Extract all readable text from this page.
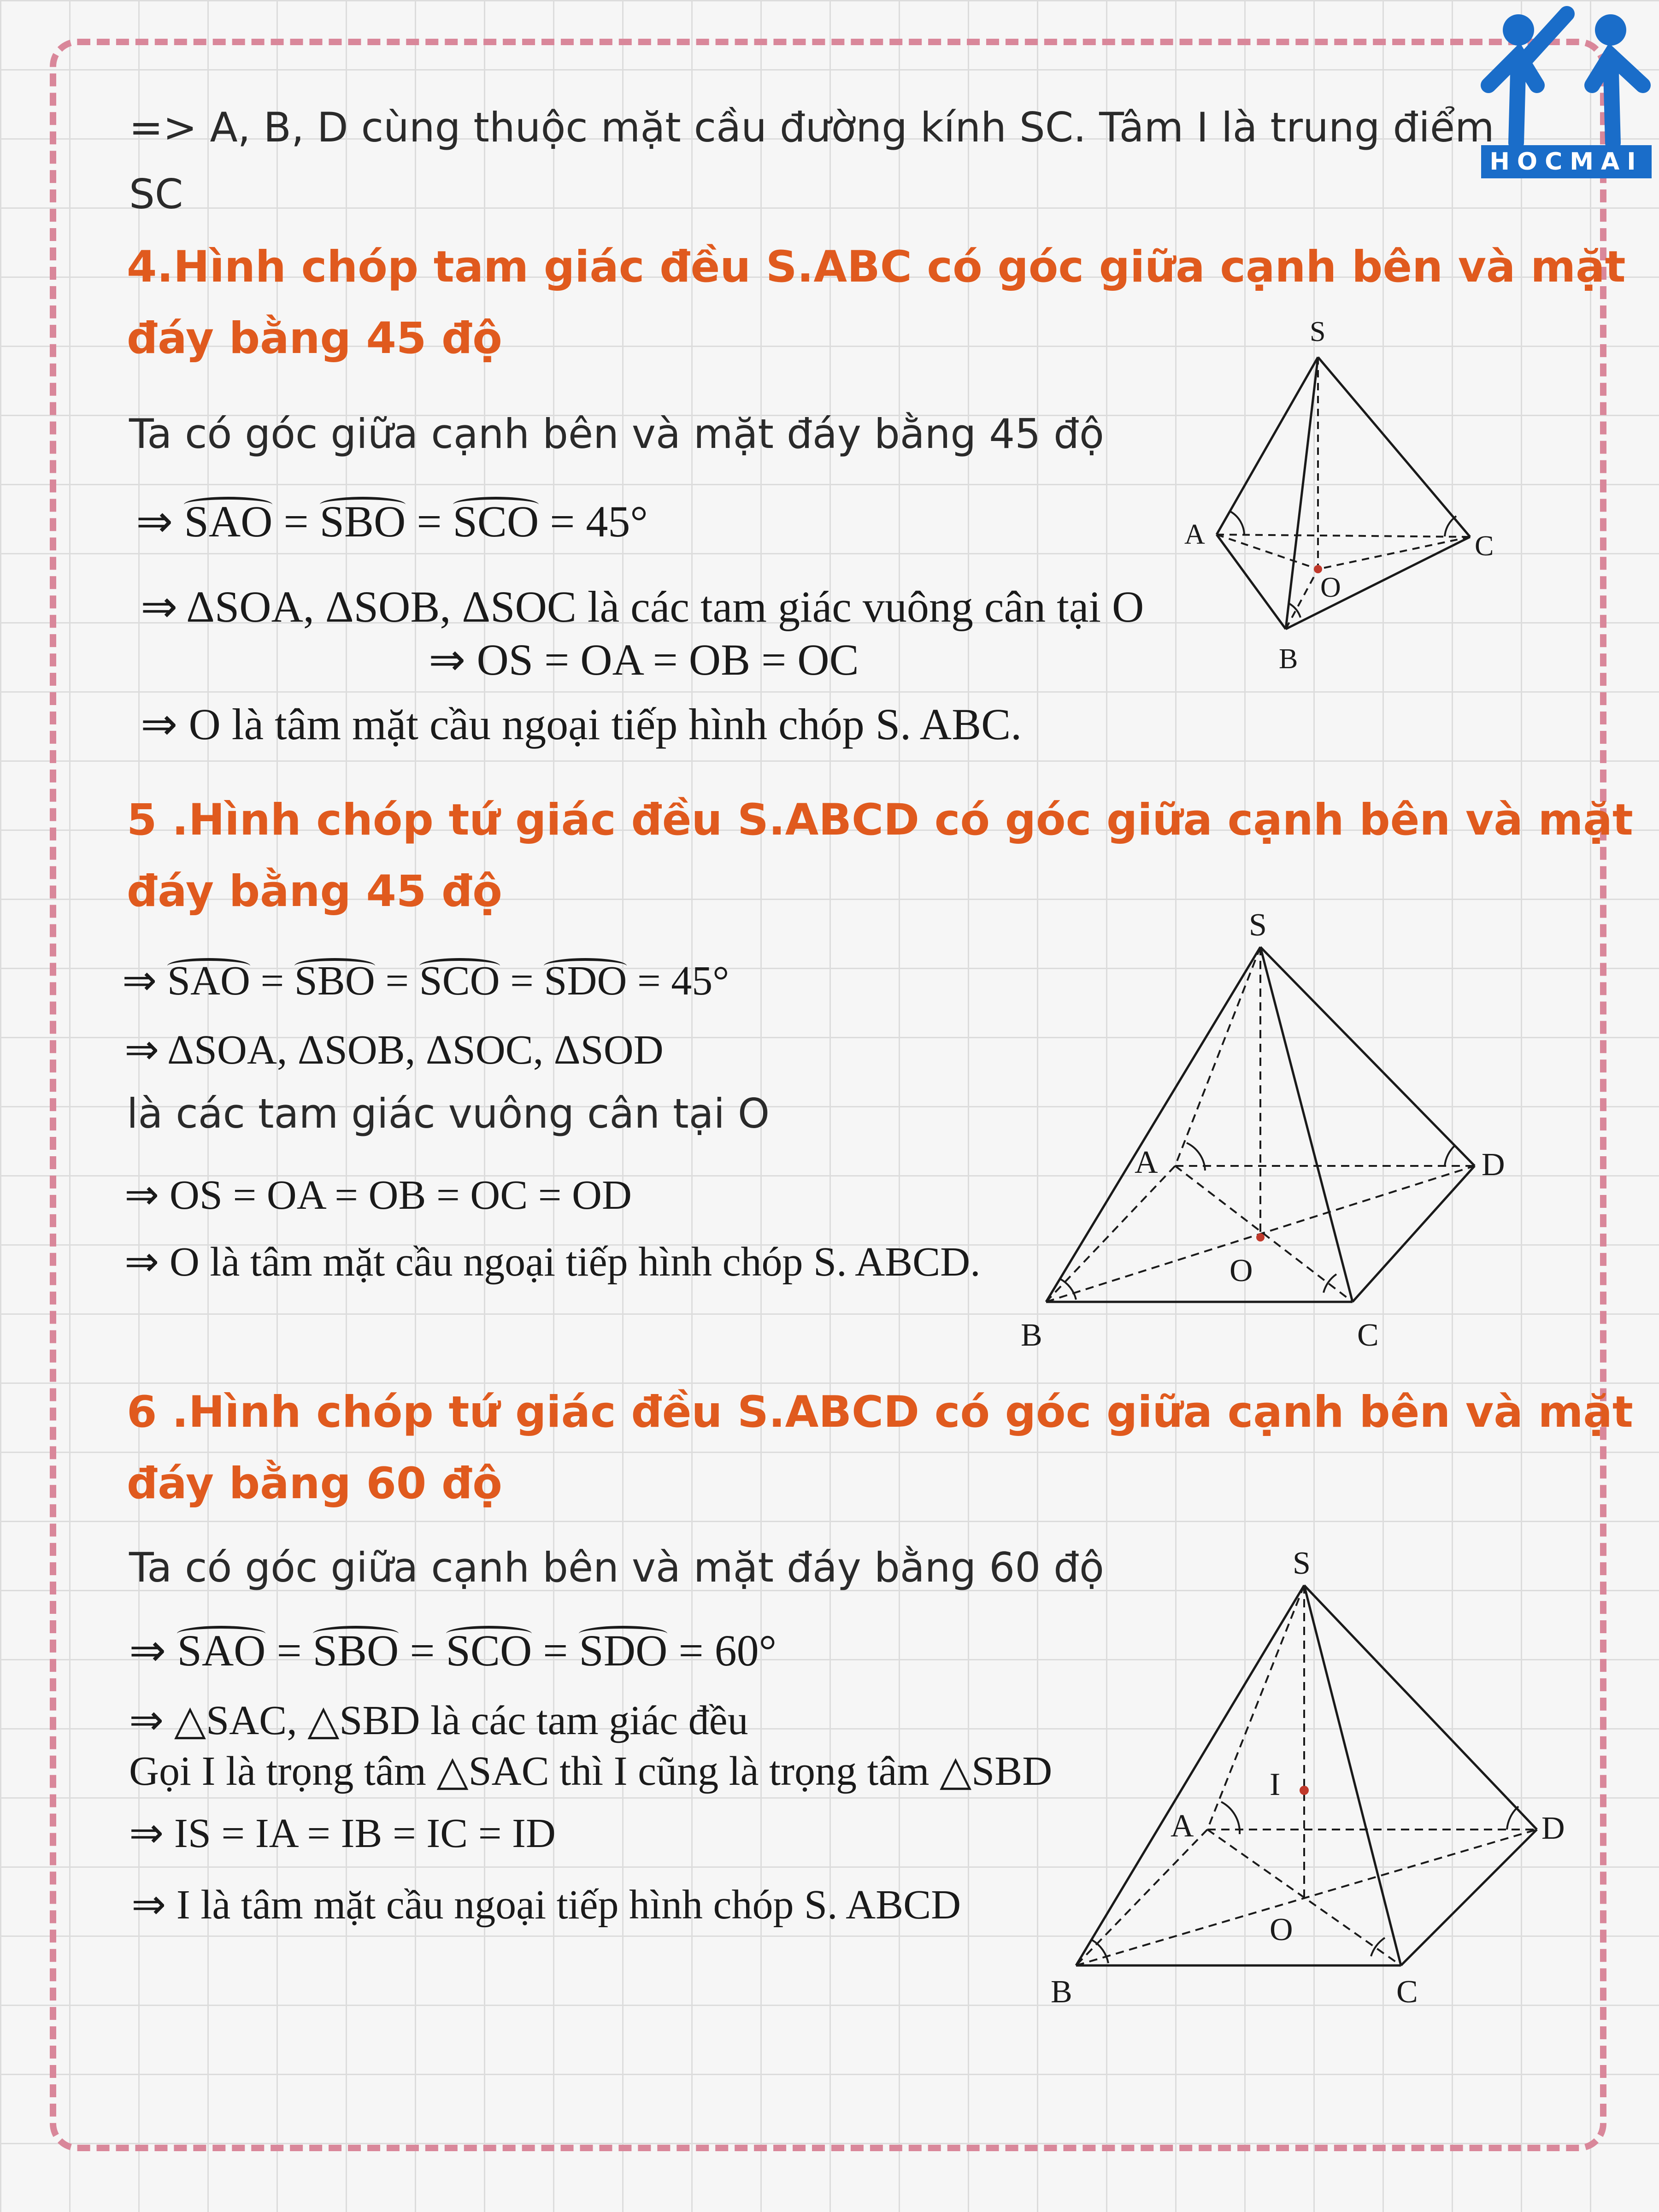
HOCMAI
=> A, B, D cùng thuộc mặt cầu đường kính SC. Tâm I là trung điểm
SC
4.Hình chóp tam giác đều S.ABC có góc giữa cạnh bên và mặt
đáy bằng 45 độ
Ta có góc giữa cạnh bên và mặt đáy bằng 45 độ
⇒ SAO = SBO = SCO = 45°
⇒ ΔSOA, ΔSOB, ΔSOC là các tam giác vuông cân tại O
⇒ OS = OA = OB = OC
⇒ O là tâm mặt cầu ngoại tiếp hình chóp S. ABC.
S
A	C
B
O
5 .Hình chóp tứ giác đều S.ABCD có góc giữa cạnh bên và mặt
đáy bằng 45 độ
⇒ SAO = SBO = SCO = SDO = 45°
⇒ ΔSOA, ΔSOB, ΔSOC, ΔSOD
là các tam giác vuông cân tại O
⇒ OS = OA = OB = OC = OD
⇒ O là tâm mặt cầu ngoại tiếp hình chóp S. ABCD.
S
A	D
B	C
O
6 .Hình chóp tứ giác đều S.ABCD có góc giữa cạnh bên và mặt
đáy bằng 60 độ
Ta có góc giữa cạnh bên và mặt đáy bằng 60 độ
⇒ SAO = SBO = SCO = SDO = 60°
⇒ △SAC, △SBD là các tam giác đều
Gọi I là trọng tâm △SAC thì I cũng là trọng tâm △SBD
⇒ IS = IA = IB = IC = ID
⇒ I là tâm mặt cầu ngoại tiếp hình chóp S. ABCD
S
A	D
B	C
O
I
